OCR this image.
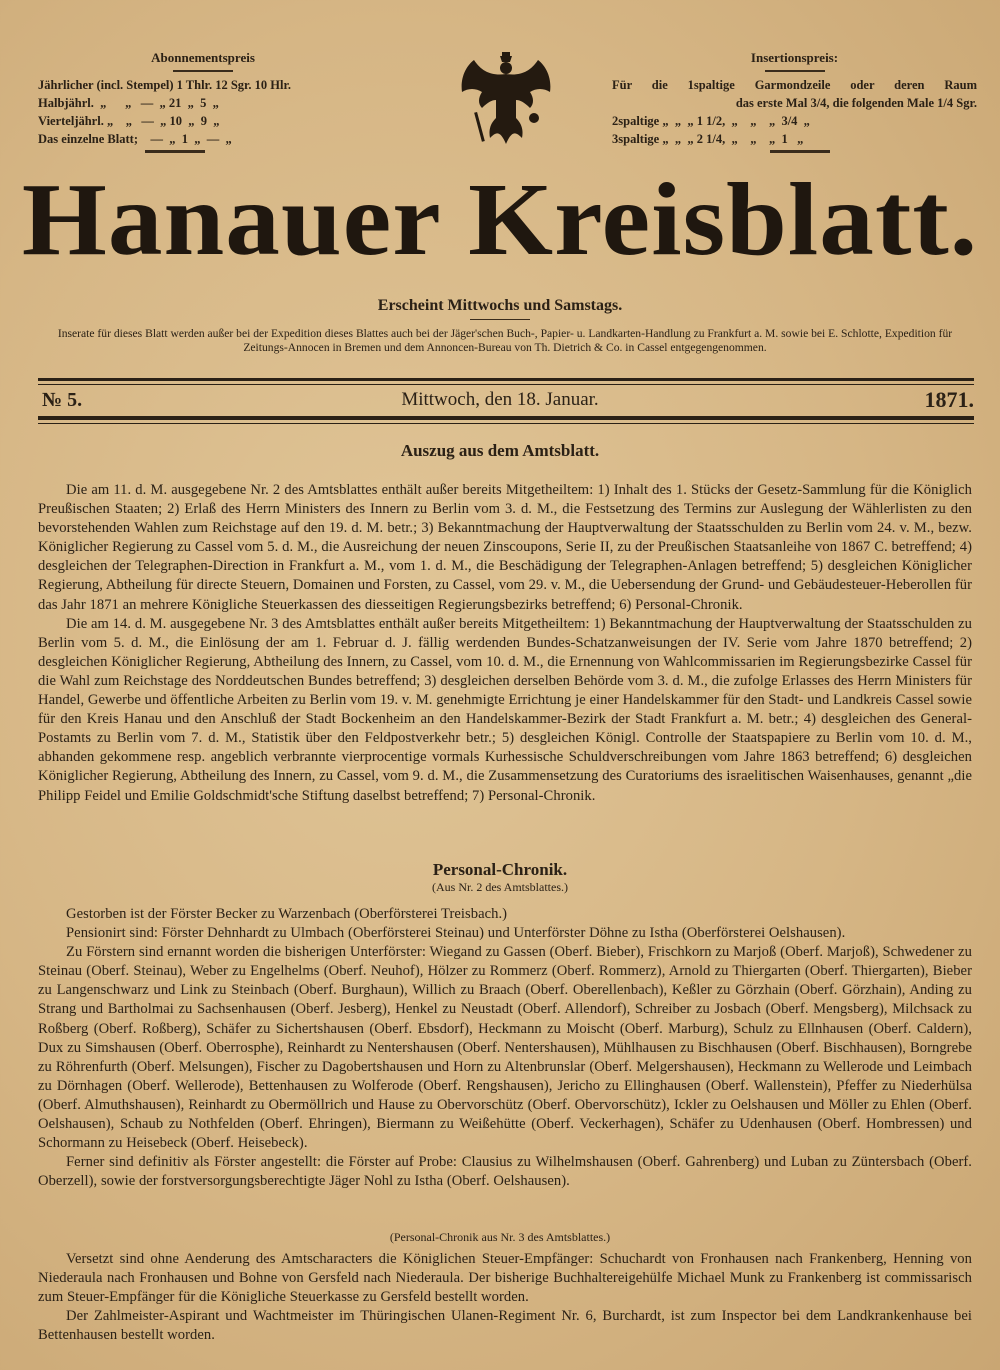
Abonnementspreis
Jährlicher (incl. Stempel) 1 Thlr. 12 Sgr. 10 Hlr.
Halbjährl.  „      „   —  „ 21  „  5  „
Vierteljährl. „    „   —  „ 10  „  9  „
Das einzelne Blatt;    —  „  1  „  —  „
Insertionspreis:
Für die 1spaltige Garmondzeile oder deren Raum
das erste Mal 3/4, die folgenden Male 1/4 Sgr.
2spaltige „  „  „ 1 1/2,  „    „    „  3/4  „
3spaltige „  „  „ 2 1/4,  „    „    „  1   „
Hanauer Kreisblatt.
Erscheint Mittwochs und Samstags.
Inserate für dieses Blatt werden außer bei der Expedition dieses Blattes auch bei der Jäger'schen Buch-, Papier- u. Landkarten-Handlung zu Frankfurt a. M. sowie bei E. Schlotte, Expedition für Zeitungs-Annocen in Bremen und dem Annoncen-Bureau von Th. Dietrich & Co. in Cassel entgegengenommen.
№ 5.	Mittwoch, den 18. Januar.	1871.
Auszug aus dem Amtsblatt.

Die am 11. d. M. ausgegebene Nr. 2 des Amtsblattes enthält außer bereits Mitgetheiltem: 1) Inhalt des 1. Stücks der Gesetz-Sammlung für die Königlich Preußischen Staaten; 2) Erlaß des Herrn Ministers des Innern zu Berlin vom 3. d. M., die Festsetzung des Termins zur Auslegung der Wählerlisten zu den bevorstehenden Wahlen zum Reichstage auf den 19. d. M. betr.; 3) Bekanntmachung der Hauptverwaltung der Staatsschulden zu Berlin vom 24. v. M., bezw. Königlicher Regierung zu Cassel vom 5. d. M., die Ausreichung der neuen Zinscoupons, Serie II, zu der Preußischen Staatsanleihe von 1867 C. betreffend; 4) desgleichen der Telegraphen-Direction in Frankfurt a. M., vom 1. d. M., die Beschädigung der Telegraphen-Anlagen betreffend; 5) desgleichen Königlicher Regierung, Abtheilung für directe Steuern, Domainen und Forsten, zu Cassel, vom 29. v. M., die Uebersendung der Grund- und Gebäudesteuer-Heberollen für das Jahr 1871 an mehrere Königliche Steuerkassen des diesseitigen Regierungsbezirks betreffend; 6) Personal-Chronik.

Die am 14. d. M. ausgegebene Nr. 3 des Amtsblattes enthält außer bereits Mitgetheiltem: 1) Bekanntmachung der Hauptverwaltung der Staatsschulden zu Berlin vom 5. d. M., die Einlösung der am 1. Februar d. J. fällig werdenden Bundes-Schatzanweisungen der IV. Serie vom Jahre 1870 betreffend; 2) desgleichen Königlicher Regierung, Abtheilung des Innern, zu Cassel, vom 10. d. M., die Ernennung von Wahlcommissarien im Regierungsbezirke Cassel für die Wahl zum Reichstage des Norddeutschen Bundes betreffend; 3) desgleichen derselben Behörde vom 3. d. M., die zufolge Erlasses des Herrn Ministers für Handel, Gewerbe und öffentliche Arbeiten zu Berlin vom 19. v. M. genehmigte Errichtung je einer Handelskammer für den Stadt- und Landkreis Cassel sowie für den Kreis Hanau und den Anschluß der Stadt Bockenheim an den Handelskammer-Bezirk der Stadt Frankfurt a. M. betr.; 4) desgleichen des General-Postamts zu Berlin vom 7. d. M., Statistik über den Feldpostverkehr betr.; 5) desgleichen Königl. Controlle der Staatspapiere zu Berlin vom 10. d. M., abhanden gekommene resp. angeblich verbrannte vierprocentige vormals Kurhessische Schuldverschreibungen vom Jahre 1863 betreffend; 6) desgleichen Königlicher Regierung, Abtheilung des Innern, zu Cassel, vom 9. d. M., die Zusammensetzung des Curatoriums des israelitischen Waisenhauses, genannt „die Philipp Feidel und Emilie Goldschmidt'sche Stiftung daselbst betreffend; 7) Personal-Chronik.

Personal-Chronik.
(Aus Nr. 2 des Amtsblattes.)

Gestorben ist der Förster Becker zu Warzenbach (Oberförsterei Treisbach.)

Pensionirt sind: Förster Dehnhardt zu Ulmbach (Oberförsterei Steinau) und Unterförster Döhne zu Istha (Oberförsterei Oelshausen).

Zu Förstern sind ernannt worden die bisherigen Unterförster: Wiegand zu Gassen (Oberf. Bieber), Frischkorn zu Marjoß (Oberf. Marjoß), Schwedener zu Steinau (Oberf. Steinau), Weber zu Engelhelms (Oberf. Neuhof), Hölzer zu Rommerz (Oberf. Rommerz), Arnold zu Thiergarten (Oberf. Thiergarten), Bieber zu Langenschwarz und Link zu Steinbach (Oberf. Burghaun), Willich zu Braach (Oberf. Oberellenbach), Keßler zu Görzhain (Oberf. Görzhain), Anding zu Strang und Bartholmai zu Sachsenhausen (Oberf. Jesberg), Henkel zu Neustadt (Oberf. Allendorf), Schreiber zu Josbach (Oberf. Mengsberg), Milchsack zu Roßberg (Oberf. Roßberg), Schäfer zu Sichertshausen (Oberf. Ebsdorf), Heckmann zu Moischt (Oberf. Marburg), Schulz zu Ellnhausen (Oberf. Caldern), Dux zu Simshausen (Oberf. Oberrosphe), Reinhardt zu Nentershausen (Oberf. Nentershausen), Mühlhausen zu Bischhausen (Oberf. Bischhausen), Borngrebe zu Röhrenfurth (Oberf. Melsungen), Fischer zu Dagobertshausen und Horn zu Altenbrunslar (Oberf. Melgershausen), Heckmann zu Wellerode und Leimbach zu Dörnhagen (Oberf. Wellerode), Bettenhausen zu Wolferode (Oberf. Rengshausen), Jericho zu Ellinghausen (Oberf. Wallenstein), Pfeffer zu Niederhülsa (Oberf. Almuthshausen), Reinhardt zu Obermöllrich und Hause zu Obervorschütz (Oberf. Obervorschütz), Ickler zu Oelshausen und Möller zu Ehlen (Oberf. Oelshausen), Schaub zu Nothfelden (Oberf. Ehringen), Biermann zu Weißehütte (Oberf. Veckerhagen), Schäfer zu Udenhausen (Oberf. Hombressen) und Schormann zu Heisebeck (Oberf. Heisebeck).

Ferner sind definitiv als Förster angestellt: die Förster auf Probe: Clausius zu Wilhelmshausen (Oberf. Gahrenberg) und Luban zu Züntersbach (Oberf. Oberzell), sowie der forstversorgungsberechtigte Jäger Nohl zu Istha (Oberf. Oelshausen).

(Personal-Chronik aus Nr. 3 des Amtsblattes.)

Versetzt sind ohne Aenderung des Amtscharacters die Königlichen Steuer-Empfänger: Schuchardt von Fronhausen nach Frankenberg, Henning von Niederaula nach Fronhausen und Bohne von Gersfeld nach Niederaula. Der bisherige Buchhaltereigehülfe Michael Munk zu Frankenberg ist commissarisch zum Steuer-Empfänger für die Königliche Steuerkasse zu Gersfeld bestellt worden.

Der Zahlmeister-Aspirant und Wachtmeister im Thüringischen Ulanen-Regiment Nr. 6, Burchardt, ist zum Inspector bei dem Landkrankenhause bei Bettenhausen bestellt worden.
